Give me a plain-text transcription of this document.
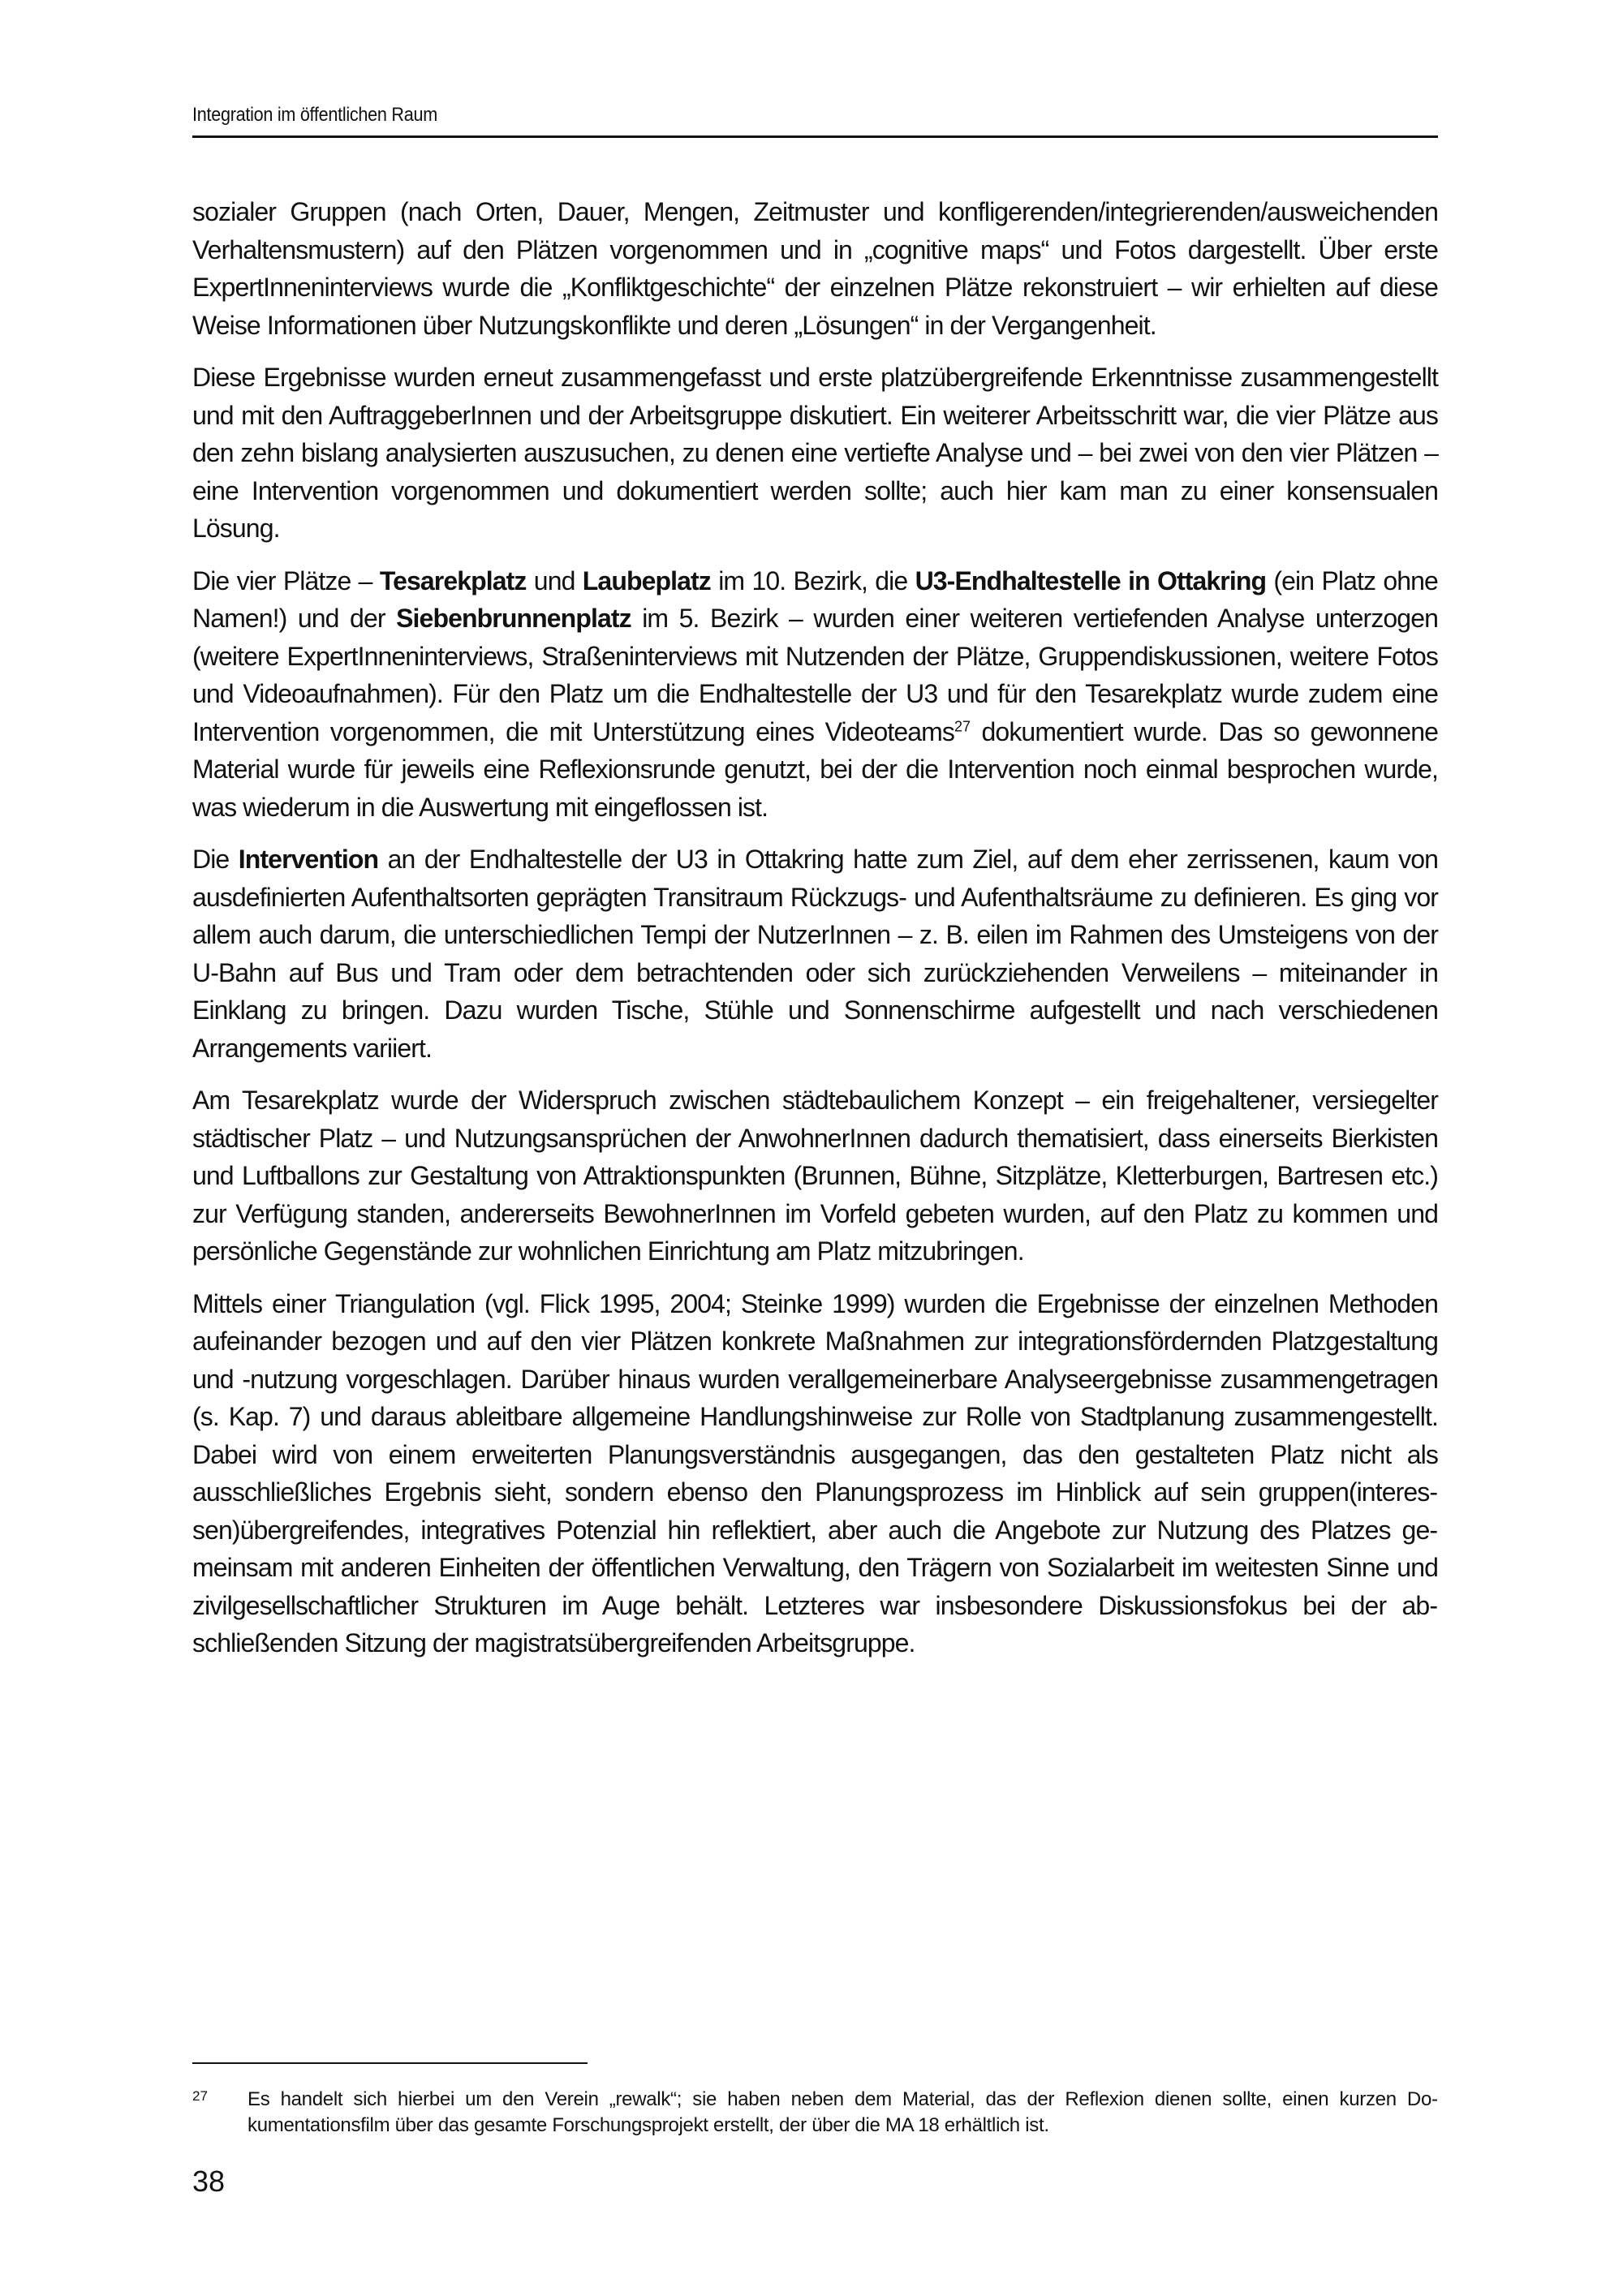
Integration im öffentlichen Raum

sozialer Gruppen (nach Orten, Dauer, Mengen, Zeitmuster und konfligerenden/integrierenden/ausweichenden Verhaltensmustern) auf den Plätzen vorgenommen und in „cognitive maps“ und Fotos dargestellt. Über erste ExpertInneninterviews wurde die „Konfliktgeschichte“ der einzelnen Plätze rekonstruiert – wir erhielten auf diese Weise Informationen über Nutzungskonflikte und deren „Lösungen“ in der Vergangenheit.

Diese Ergebnisse wurden erneut zusammengefasst und erste platzübergreifende Erkenntnisse zusammengestellt und mit den AuftraggeberInnen und der Arbeitsgruppe diskutiert. Ein weiterer Arbeitsschritt war, die vier Plätze aus den zehn bislang analysierten auszusuchen, zu denen eine vertiefte Analyse und – bei zwei von den vier Plätzen – eine Intervention vorgenommen und dokumentiert werden sollte; auch hier kam man zu einer konsensualen Lösung.

Die vier Plätze – Tesarekplatz und Laubeplatz im 10. Bezirk, die U3-Endhaltestelle in Ottakring (ein Platz ohne Namen!) und der Siebenbrunnenplatz im 5. Bezirk – wurden einer weiteren vertiefenden Analyse unterzogen (weitere ExpertInneninterviews, Straßeninterviews mit Nutzenden der Plätze, Gruppendiskussionen, weitere Fotos und Videoaufnahmen). Für den Platz um die Endhaltestelle der U3 und für den Tesarekplatz wurde zudem eine Intervention vorgenommen, die mit Unterstützung eines Videoteams$^{27}$ dokumentiert wurde. Das so gewonnene Material wurde für jeweils eine Reflexionsrunde genutzt, bei der die Intervention noch einmal besprochen wurde, was wiederum in die Auswertung mit eingeflossen ist.

Die Intervention an der Endhaltestelle der U3 in Ottakring hatte zum Ziel, auf dem eher zerrissenen, kaum von ausdefinierten Aufenthaltsorten geprägten Transitraum Rückzugs- und Aufenthaltsräume zu definieren. Es ging vor allem auch darum, die unterschiedlichen Tempi der NutzerInnen – z. B. eilen im Rahmen des Umsteigens von der U-Bahn auf Bus und Tram oder dem betrachtenden oder sich zurückziehenden Verweilens – miteinander in Einklang zu bringen. Dazu wurden Tische, Stühle und Sonnenschirme aufgestellt und nach verschiedenen Arrangements variiert.

Am Tesarekplatz wurde der Widerspruch zwischen städtebaulichem Konzept – ein freigehaltener, versiegelter städtischer Platz – und Nutzungsansprüchen der AnwohnerInnen dadurch thematisiert, dass einerseits Bierkisten und Luftballons zur Gestaltung von Attraktionspunkten (Brunnen, Bühne, Sitzplätze, Kletterburgen, Bartresen etc.) zur Verfügung standen, andererseits BewohnerInnen im Vorfeld gebeten wurden, auf den Platz zu kommen und persönliche Gegenstände zur wohnlichen Einrichtung am Platz mitzubringen.

Mittels einer Triangulation (vgl. Flick 1995, 2004; Steinke 1999) wurden die Ergebnisse der einzelnen Methoden aufeinander bezogen und auf den vier Plätzen konkrete Maßnahmen zur integrationsfördernden Platzgestaltung und -nutzung vorgeschlagen. Darüber hinaus wurden verallgemeinerbare Analyseergebnisse zusammengetragen (s. Kap. 7) und daraus ableitbare allgemeine Handlungshinweise zur Rolle von Stadtplanung zusammengestellt. Dabei wird von einem erweiterten Planungsverständnis ausgegangen, das den gestalteten Platz nicht als ausschließliches Ergebnis sieht, sondern ebenso den Planungsprozess im Hinblick auf sein gruppen(interessen)übergreifendes, integratives Potenzial hin reflektiert, aber auch die Angebote zur Nutzung des Platzes gemeinsam mit anderen Einheiten der öffentlichen Verwaltung, den Trägern von Sozialarbeit im weitesten Sinne und zivilgesellschaftlicher Strukturen im Auge behält. Letzteres war insbesondere Diskussionsfokus bei der abschließenden Sitzung der magistratsübergreifenden Arbeitsgruppe.

27	Es handelt sich hierbei um den Verein „rewalk“; sie haben neben dem Material, das der Reflexion dienen sollte, einen kurzen Dokumentationsfilm über das gesamte Forschungsprojekt erstellt, der über die MA 18 erhältlich ist.
38
